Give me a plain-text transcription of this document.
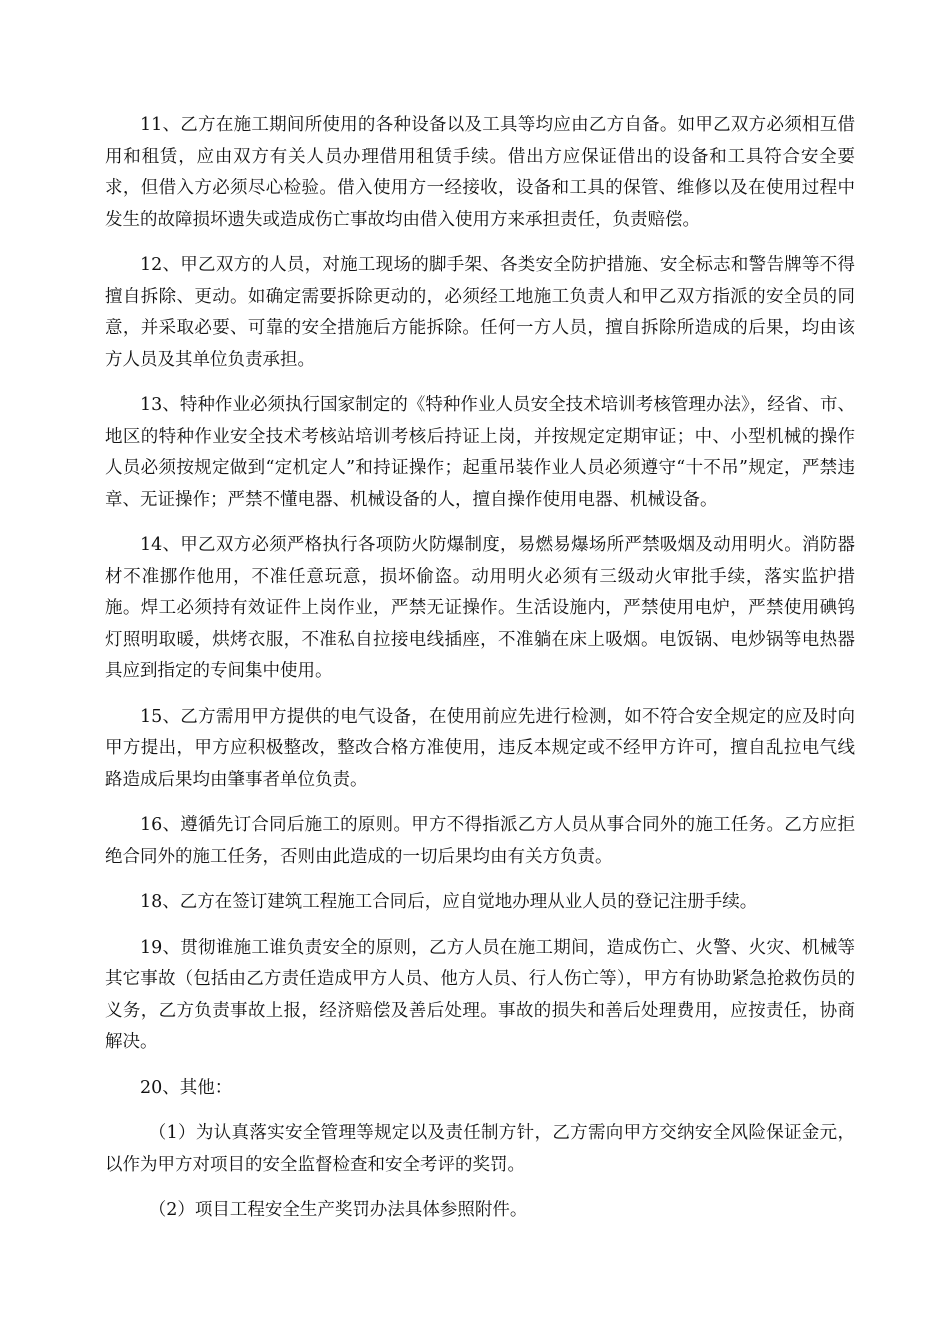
11、乙方在施工期间所使用的各种设备以及工具等均应由乙方自备。如甲乙双方必须相互借用和租赁，应由双方有关人员办理借用租赁手续。借出方应保证借出的设备和工具符合安全要求，但借入方必须尽心检验。借入使用方一经接收，设备和工具的保管、维修以及在使用过程中发生的故障损坏遗失或造成伤亡事故均由借入使用方来承担责任，负责赔偿。

12、甲乙双方的人员，对施工现场的脚手架、各类安全防护措施、安全标志和警告牌等不得擅自拆除、更动。如确定需要拆除更动的，必须经工地施工负责人和甲乙双方指派的安全员的同意，并采取必要、可靠的安全措施后方能拆除。任何一方人员，擅自拆除所造成的后果，均由该方人员及其单位负责承担。

13、特种作业必须执行国家制定的《特种作业人员安全技术培训考核管理办法》，经省、市、地区的特种作业安全技术考核站培训考核后持证上岗，并按规定定期审证；中、小型机械的操作人员必须按规定做到“定机定人”和持证操作；起重吊装作业人员必须遵守“十不吊”规定，严禁违章、无证操作；严禁不懂电器、机械设备的人，擅自操作使用电器、机械设备。

14、甲乙双方必须严格执行各项防火防爆制度，易燃易爆场所严禁吸烟及动用明火。消防器材不准挪作他用，不准任意玩意，损坏偷盗。动用明火必须有三级动火审批手续，落实监护措施。焊工必须持有效证件上岗作业，严禁无证操作。生活设施内，严禁使用电炉，严禁使用碘钨灯照明取暖，烘烤衣服，不准私自拉接电线插座，不准躺在床上吸烟。电饭锅、电炒锅等电热器具应到指定的专间集中使用。

15、乙方需用甲方提供的电气设备，在使用前应先进行检测，如不符合安全规定的应及时向甲方提出，甲方应积极整改，整改合格方准使用，违反本规定或不经甲方许可，擅自乱拉电气线路造成后果均由肇事者单位负责。

16、遵循先订合同后施工的原则。甲方不得指派乙方人员从事合同外的施工任务。乙方应拒绝合同外的施工任务，否则由此造成的一切后果均由有关方负责。

18、乙方在签订建筑工程施工合同后，应自觉地办理从业人员的登记注册手续。

19、贯彻谁施工谁负责安全的原则，乙方人员在施工期间，造成伤亡、火警、火灾、机械等其它事故（包括由乙方责任造成甲方人员、他方人员、行人伤亡等），甲方有协助紧急抢救伤员的义务，乙方负责事故上报，经济赔偿及善后处理。事故的损失和善后处理费用，应按责任，协商解决。

20、其他：

（1）为认真落实安全管理等规定以及责任制方针，乙方需向甲方交纳安全风险保证金元，以作为甲方对项目的安全监督检查和安全考评的奖罚。

（2）项目工程安全生产奖罚办法具体参照附件。
